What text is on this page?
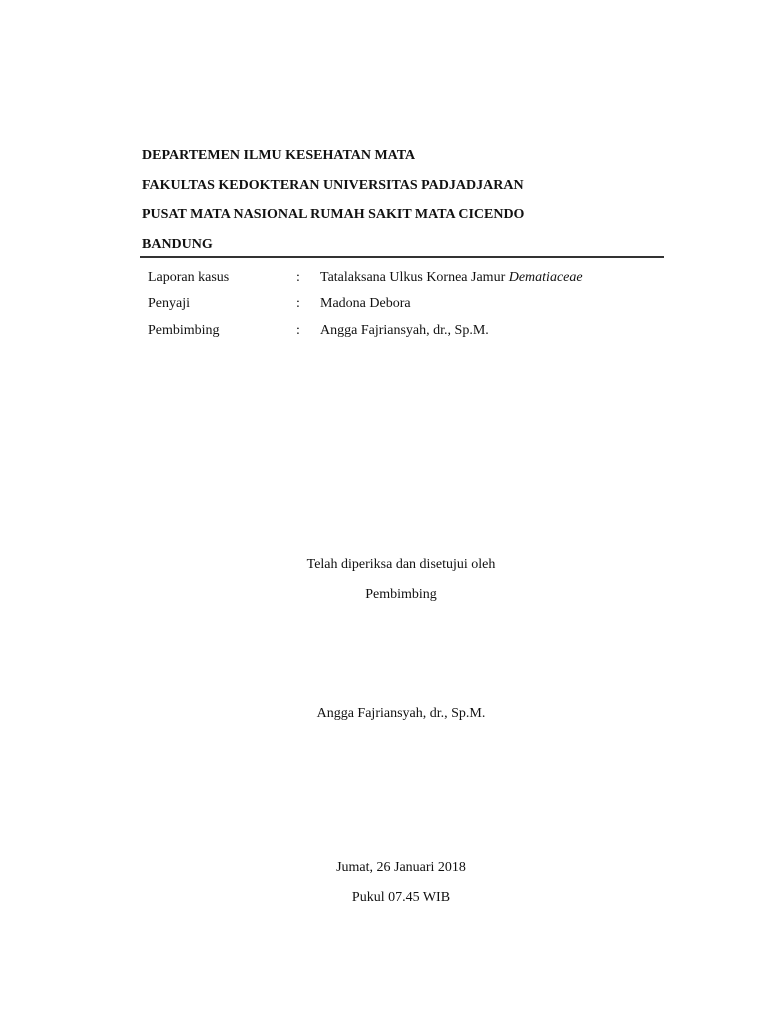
DEPARTEMEN ILMU KESEHATAN MATA
FAKULTAS KEDOKTERAN UNIVERSITAS PADJADJARAN
PUSAT MATA NASIONAL RUMAH SAKIT MATA CICENDO
BANDUNG
Laporan kasus	: Tatalaksana Ulkus Kornea Jamur Dematiaceae
Penyaji	: Madona Debora
Pembimbing	: Angga Fajriansyah, dr., Sp.M.
Telah diperiksa dan disetujui oleh
Pembimbing
Angga Fajriansyah, dr., Sp.M.
Jumat, 26 Januari 2018
Pukul 07.45 WIB
